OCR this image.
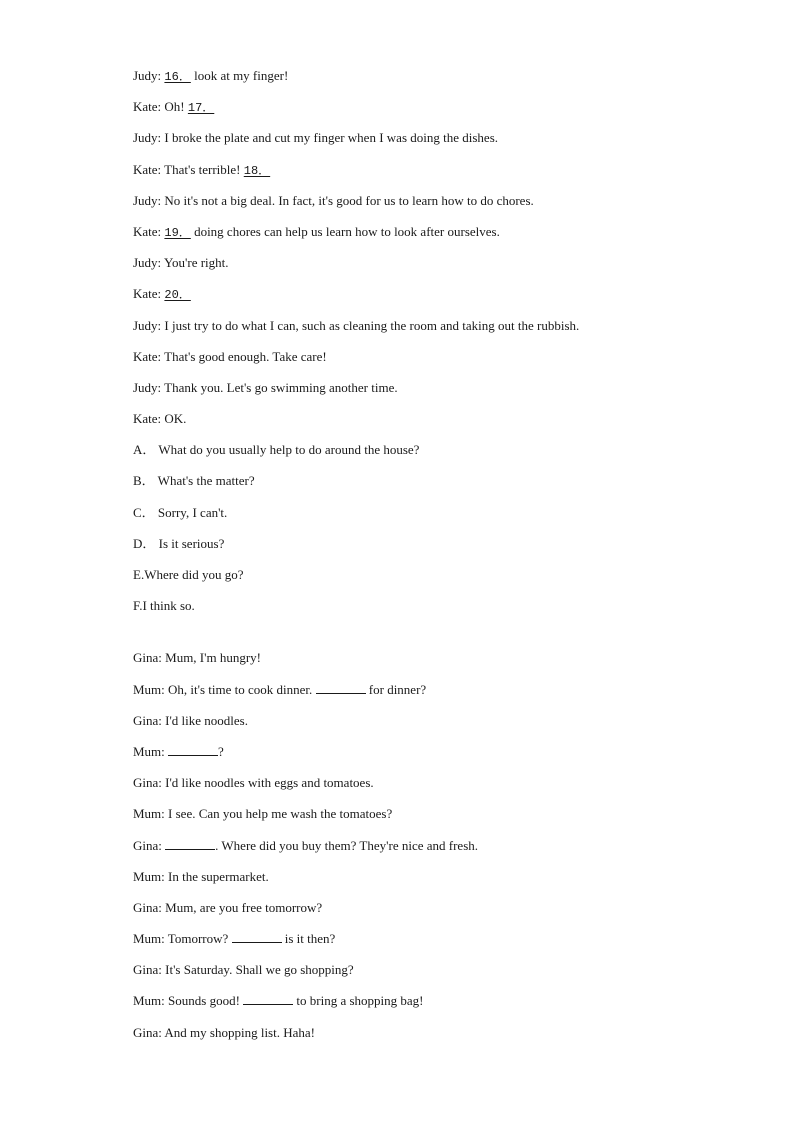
Judy: 16． look at my finger!
Kate: Oh! 17．
Judy: I broke the plate and cut my finger when I was doing the dishes.
Kate: That's terrible! 18．
Judy: No it's not a big deal. In fact, it's good for us to learn how to do chores.
Kate: 19． doing chores can help us learn how to look after ourselves.
Judy: You're right.
Kate: 20．
Judy: I just try to do what I can, such as cleaning the room and taking out the rubbish.
Kate: That's good enough. Take care!
Judy: Thank you. Let's go swimming another time.
Kate: OK.
A． What do you usually help to do around the house?
B． What's the matter?
C． Sorry, I can't.
D． Is it serious?
E.Where did you go?
F.I think so.
Gina: Mum, I'm hungry!
Mum: Oh, it's time to cook dinner.	for dinner?
Gina: I'd like noodles.
Mum:	?
Gina: I'd like noodles with eggs and tomatoes.
Mum: I see. Can you help me wash the tomatoes?
Gina:	. Where did you buy them? They're nice and fresh.
Mum: In the supermarket.
Gina: Mum, are you free tomorrow?
Mum: Tomorrow?	is it then?
Gina: It's Saturday. Shall we go shopping?
Mum: Sounds good!	to bring a shopping bag!
Gina: And my shopping list. Haha!
